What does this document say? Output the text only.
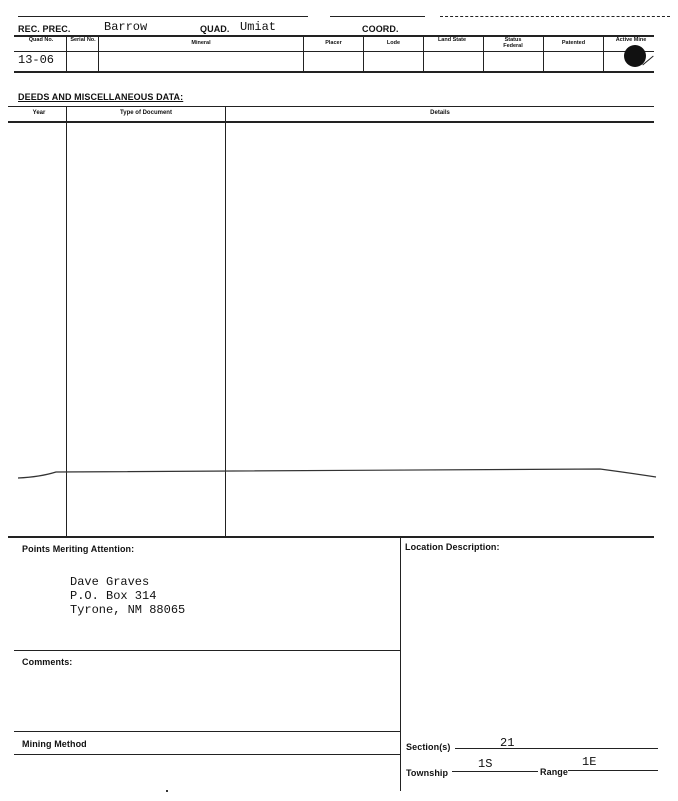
REC. PREC.	Barrow	QUAD. Umiat	COORD.
Quad No.	Serial No.	Mineral	Placer	Lode	Land State	Status Federal	Patented	Active Mine
13-06
DEEDS AND MISCELLANEOUS DATA:
Year	Type of Document	Details
Points Meriting Attention:
Dave Graves
P.O. Box 314
Tyrone, NM 88065
Comments:
Mining Method
Location Description:
Section(s)	21
Township
1S
Range
1E
